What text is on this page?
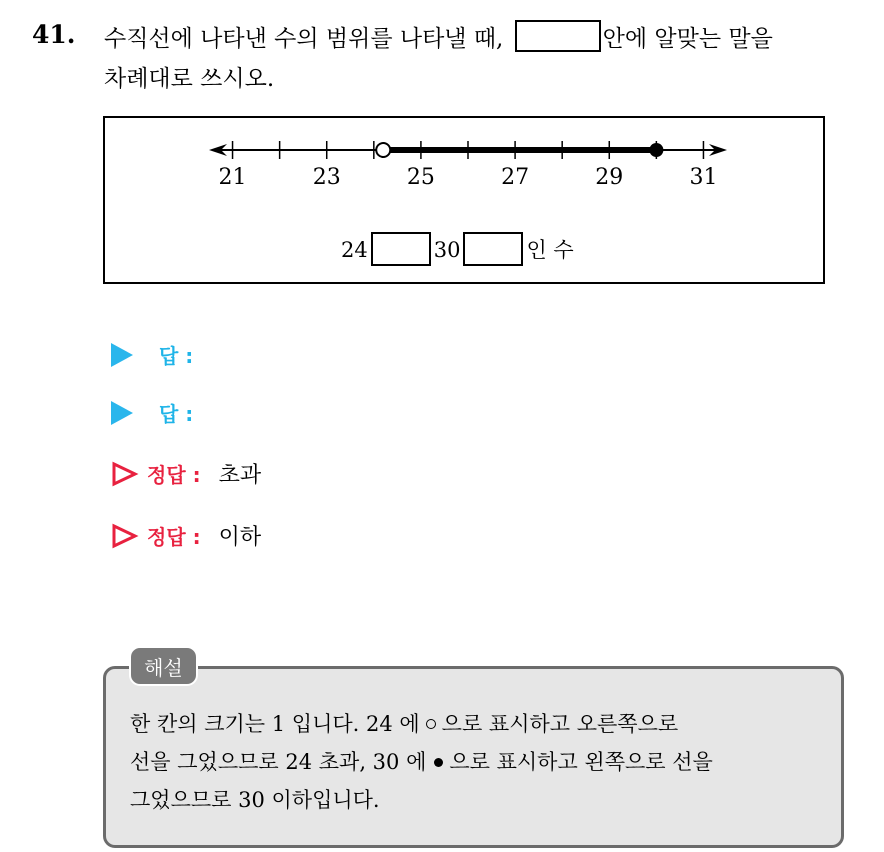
41. 수직선에 나타낸 수의 범위를 나타낼 때,	안에 알맞는 말을
차례대로 쓰시오.
21	23	25	27	29	31
24	30	인 수
답 :
답 :
정답 : 초과
정답 : 이하
해설
한 칸의 크기는 1 입니다. 24 에 으로 표시하고 오른쪽으로
선을 그었으므로 24 초과, 30 에 으로 표시하고 왼쪽으로 선을
그었으므로 30 이하입니다.
